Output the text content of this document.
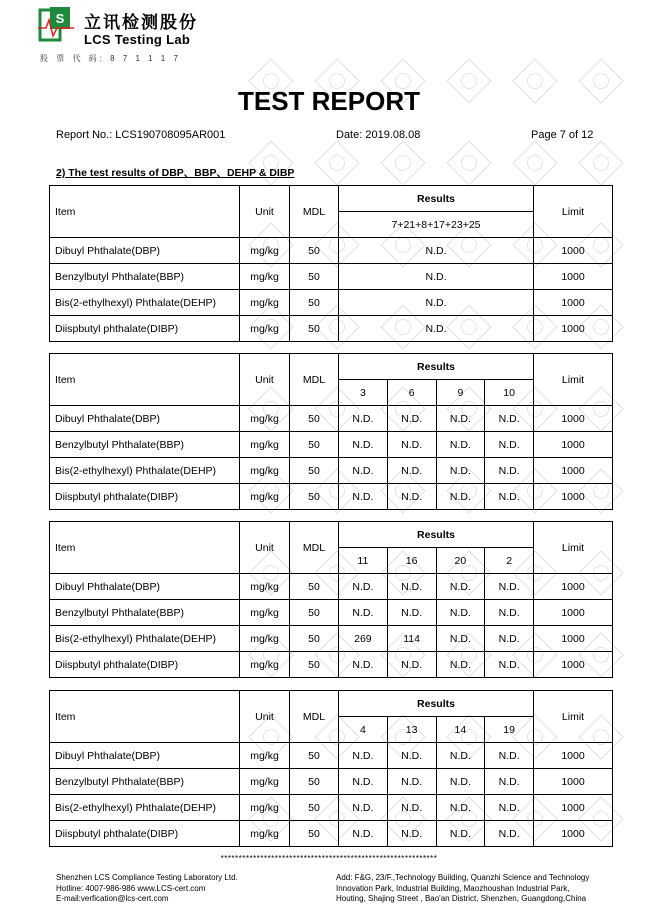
S 立讯检测股份
LCS Testing Lab
股 票 代 码: 8 7 1 1 1 7
TEST REPORT
Report No.: LCS190708095AR001	Date: 2019.08.08	Page 7 of 12
2) The test results of DBP、BBP、DEHP & DIBP
Item	Unit	MDL	Results	Limit
			7+21+8+17+23+25	
Dibuyl Phthalate(DBP)	mg/kg	50	N.D.	1000
Benzylbutyl Phthalate(BBP)	mg/kg	50	N.D.	1000
Bis(2-ethylhexyl) Phthalate(DEHP)	mg/kg	50	N.D.	1000
Diispbutyl phthalate(DIBP)	mg/kg	50	N.D.	1000
Item	Unit	MDL	Results				Limit
			3	6	9	10	
Dibuyl Phthalate(DBP)	mg/kg	50	N.D.	N.D.	N.D.	N.D.	1000
Benzylbutyl Phthalate(BBP)	mg/kg	50	N.D.	N.D.	N.D.	N.D.	1000
Bis(2-ethylhexyl) Phthalate(DEHP)	mg/kg	50	N.D.	N.D.	N.D.	N.D.	1000
Diispbutyl phthalate(DIBP)	mg/kg	50	N.D.	N.D.	N.D.	N.D.	1000
Item	Unit	MDL	Results				Limit
			11	16	20	2	
Dibuyl Phthalate(DBP)	mg/kg	50	N.D.	N.D.	N.D.	N.D.	1000
Benzylbutyl Phthalate(BBP)	mg/kg	50	N.D.	N.D.	N.D.	N.D.	1000
Bis(2-ethylhexyl) Phthalate(DEHP)	mg/kg	50	269	114	N.D.	N.D.	1000
Diispbutyl phthalate(DIBP)	mg/kg	50	N.D.	N.D.	N.D.	N.D.	1000
Item	Unit	MDL	Results				Limit
			4	13	14	19	
Dibuyl Phthalate(DBP)	mg/kg	50	N.D.	N.D.	N.D.	N.D.	1000
Benzylbutyl Phthalate(BBP)	mg/kg	50	N.D.	N.D.	N.D.	N.D.	1000
Bis(2-ethylhexyl) Phthalate(DEHP)	mg/kg	50	N.D.	N.D.	N.D.	N.D.	1000
Diispbutyl phthalate(DIBP)	mg/kg	50	N.D.	N.D.	N.D.	N.D.	1000
************************************************************
Shenzhen LCS Compliance Testing Laboratory Ltd.
Hotline: 4007-986-986 www.LCS-cert.com
E-mail:verfication@lcs-cert.com
Add: F&G, 23/F.,Technology Building, Quanzhi Science and Technology
Innovation Park, Industrial Building, Maozhoushan Industrial Park,
Houting, Shajing Street , Bao'an District, Shenzhen, Guangdong,China
